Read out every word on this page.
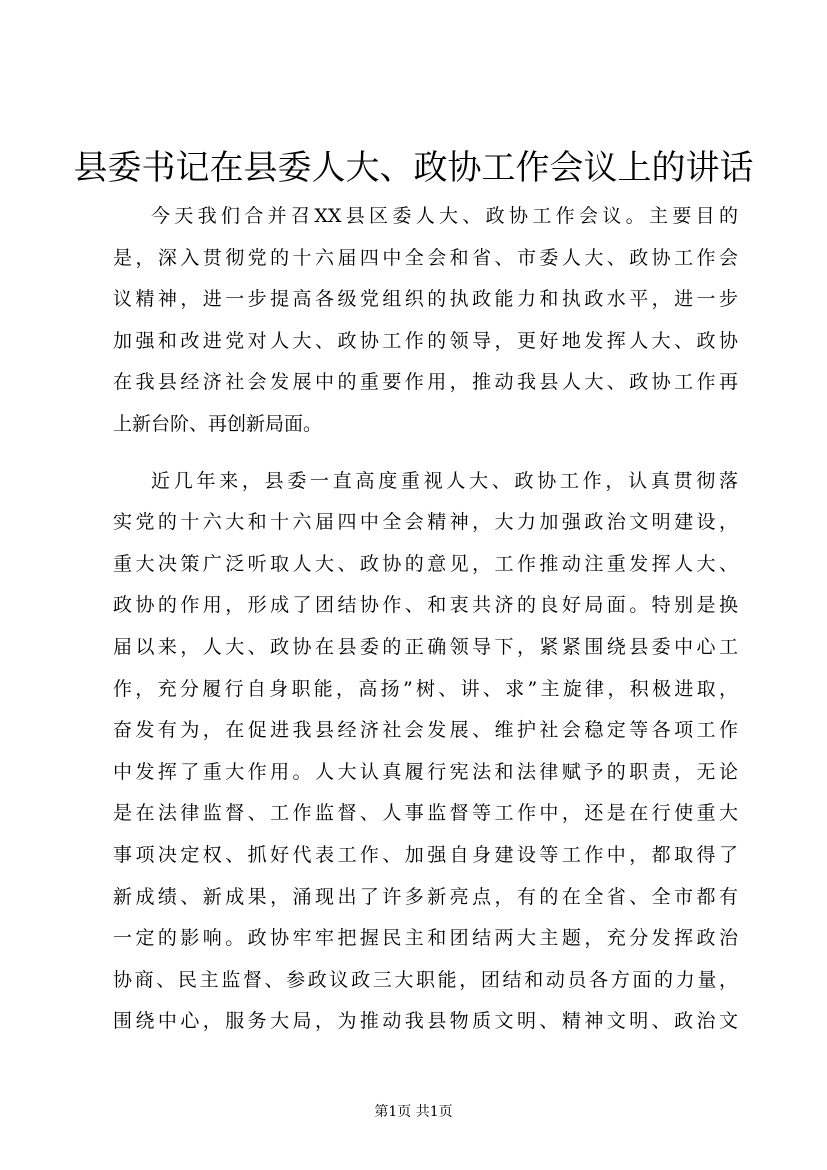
县委书记在县委人大、政协工作会议上的讲话
今天我们合并召XX县区委人大、政协工作会议。主要目的
是，深入贯彻党的十六届四中全会和省、市委人大、政协工作会
议精神，进一步提高各级党组织的执政能力和执政水平，进一步
加强和改进党对人大、政协工作的领导，更好地发挥人大、政协
在我县经济社会发展中的重要作用，推动我县人大、政协工作再
上新台阶、再创新局面。
近几年来，县委一直高度重视人大、政协工作，认真贯彻落
实党的十六大和十六届四中全会精神，大力加强政治文明建设，
重大决策广泛听取人大、政协的意见，工作推动注重发挥人大、
政协的作用，形成了团结协作、和衷共济的良好局面。特别是换
届以来，人大、政协在县委的正确领导下，紧紧围绕县委中心工
作，充分履行自身职能，高扬”树、讲、求”主旋律，积极进取，
奋发有为，在促进我县经济社会发展、维护社会稳定等各项工作
中发挥了重大作用。人大认真履行宪法和法律赋予的职责，无论
是在法律监督、工作监督、人事监督等工作中，还是在行使重大
事项决定权、抓好代表工作、加强自身建设等工作中，都取得了
新成绩、新成果，涌现出了许多新亮点，有的在全省、全市都有
一定的影响。政协牢牢把握民主和团结两大主题，充分发挥政治
协商、民主监督、参政议政三大职能，团结和动员各方面的力量，
围绕中心，服务大局，为推动我县物质文明、精神文明、政治文
第1页 共1页
